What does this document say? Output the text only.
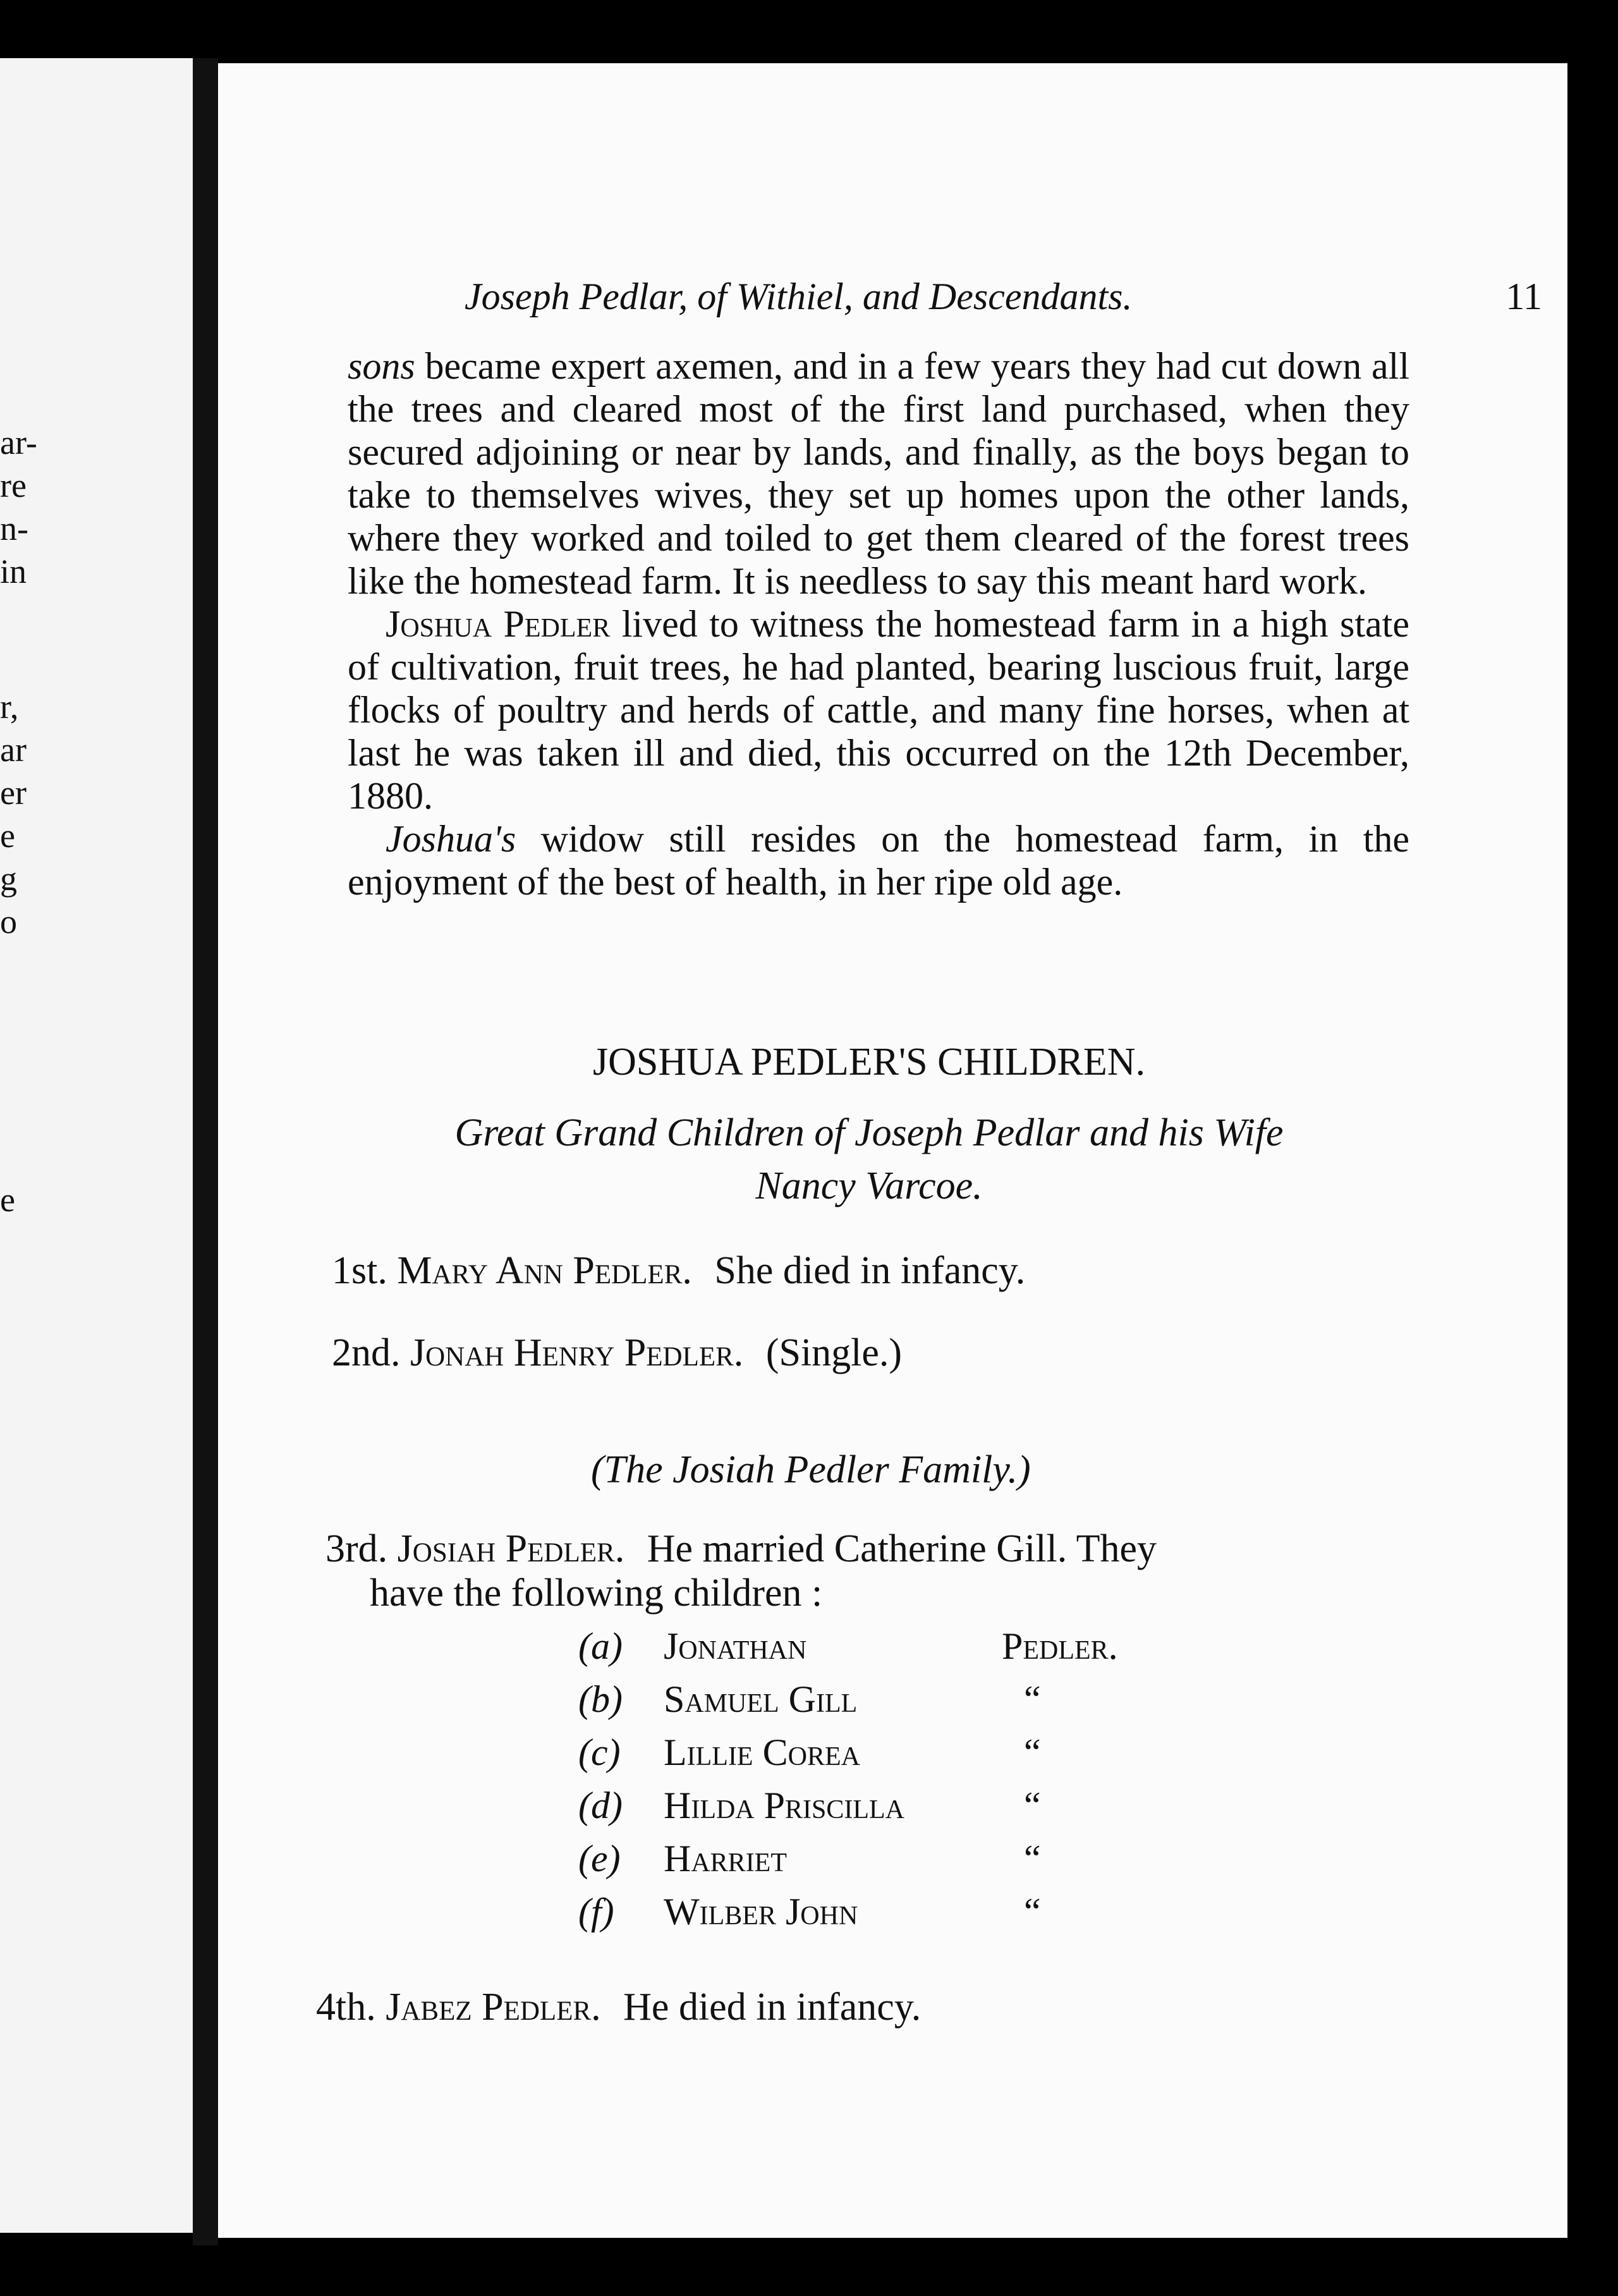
ar-
re
n-
in
r,
ar
er
e
g
o
e
Joseph Pedlar, of Withiel, and Descendants.	11

sons became expert axemen, and in a few years they had cut down all the trees and cleared most of the first land purchased, when they secured adjoining or near by lands, and finally, as the boys began to take to themselves wives, they set up homes upon the other lands, where they worked and toiled to get them cleared of the forest trees like the homestead farm. It is needless to say this meant hard work.

Joshua Pedler lived to witness the homestead farm in a high state of cultivation, fruit trees, he had planted, bearing luscious fruit, large flocks of poultry and herds of cattle, and many fine horses, when at last he was taken ill and died, this occurred on the 12th December, 1880.

Joshua's widow still resides on the homestead farm, in the enjoyment of the best of health, in her ripe old age.

JOSHUA PEDLER'S CHILDREN.
Great Grand Children of Joseph Pedlar and his Wife
Nancy Varcoe.
1st. Mary Ann Pedler. She died in infancy.
2nd. Jonah Henry Pedler. (Single.)
(The Josiah Pedler Family.)
3rd. Josiah Pedler. He married Catherine Gill. They
have the following children :
(a) Jonathan	Pedler.
(b) Samuel Gill	“
(c) Lillie Corea	“
(d) Hilda Priscilla	“
(e) Harriet	“
(f) Wilber John	“
4th. Jabez Pedler. He died in infancy.
